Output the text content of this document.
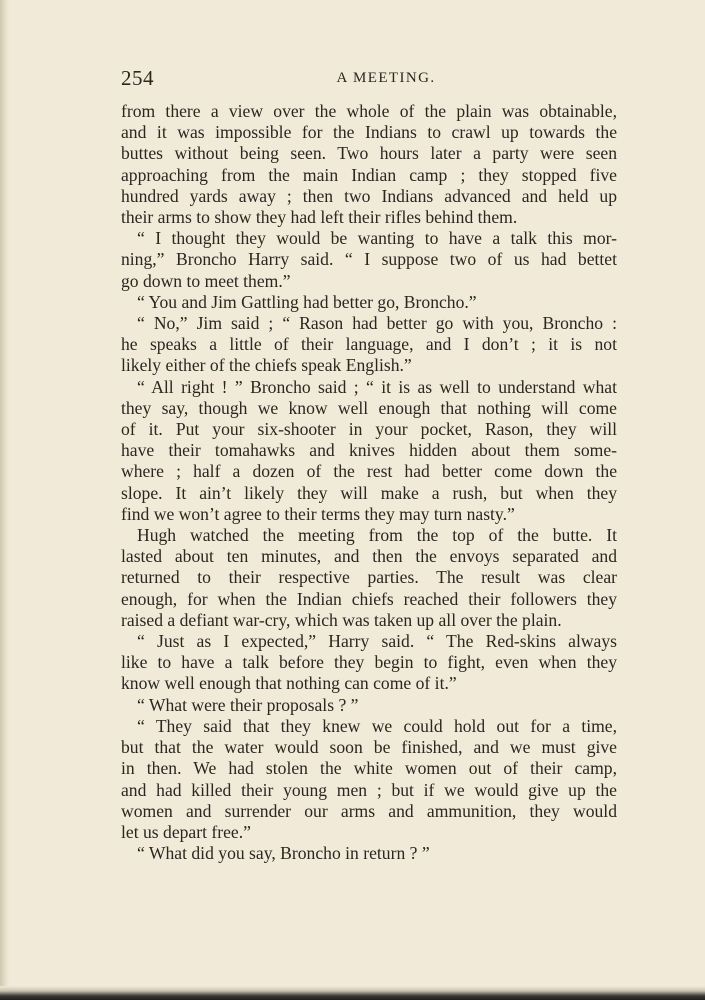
254	A MEETING.
from there a view over the whole of the plain was obtainable,
and it was impossible for the Indians to crawl up towards the
buttes without being seen. Two hours later a party were seen
approaching from the main Indian camp ; they stopped five
hundred yards away ; then two Indians advanced and held up
their arms to show they had left their rifles behind them.
“ I thought they would be wanting to have a talk this mor-
ning,” Broncho Harry said. “ I suppose two of us had bettet
go down to meet them.”
“ You and Jim Gattling had better go, Broncho.”
“ No,” Jim said ; “ Rason had better go with you, Broncho :
he speaks a little of their language, and I don’t ; it is not
likely either of the chiefs speak English.”
“ All right ! ” Broncho said ; “ it is as well to understand what
they say, though we know well enough that nothing will come
of it. Put your six-shooter in your pocket, Rason, they will
have their tomahawks and knives hidden about them some-
where ; half a dozen of the rest had better come down the
slope. It ain’t likely they will make a rush, but when they
find we won’t agree to their terms they may turn nasty.”
Hugh watched the meeting from the top of the butte. It
lasted about ten minutes, and then the envoys separated and
returned to their respective parties. The result was clear
enough, for when the Indian chiefs reached their followers they
raised a defiant war-cry, which was taken up all over the plain.
“ Just as I expected,” Harry said. “ The Red-skins always
like to have a talk before they begin to fight, even when they
know well enough that nothing can come of it.”
“ What were their proposals ? ”
“ They said that they knew we could hold out for a time,
but that the water would soon be finished, and we must give
in then. We had stolen the white women out of their camp,
and had killed their young men ; but if we would give up the
women and surrender our arms and ammunition, they would
let us depart free.”
“ What did you say, Broncho in return ? ”
